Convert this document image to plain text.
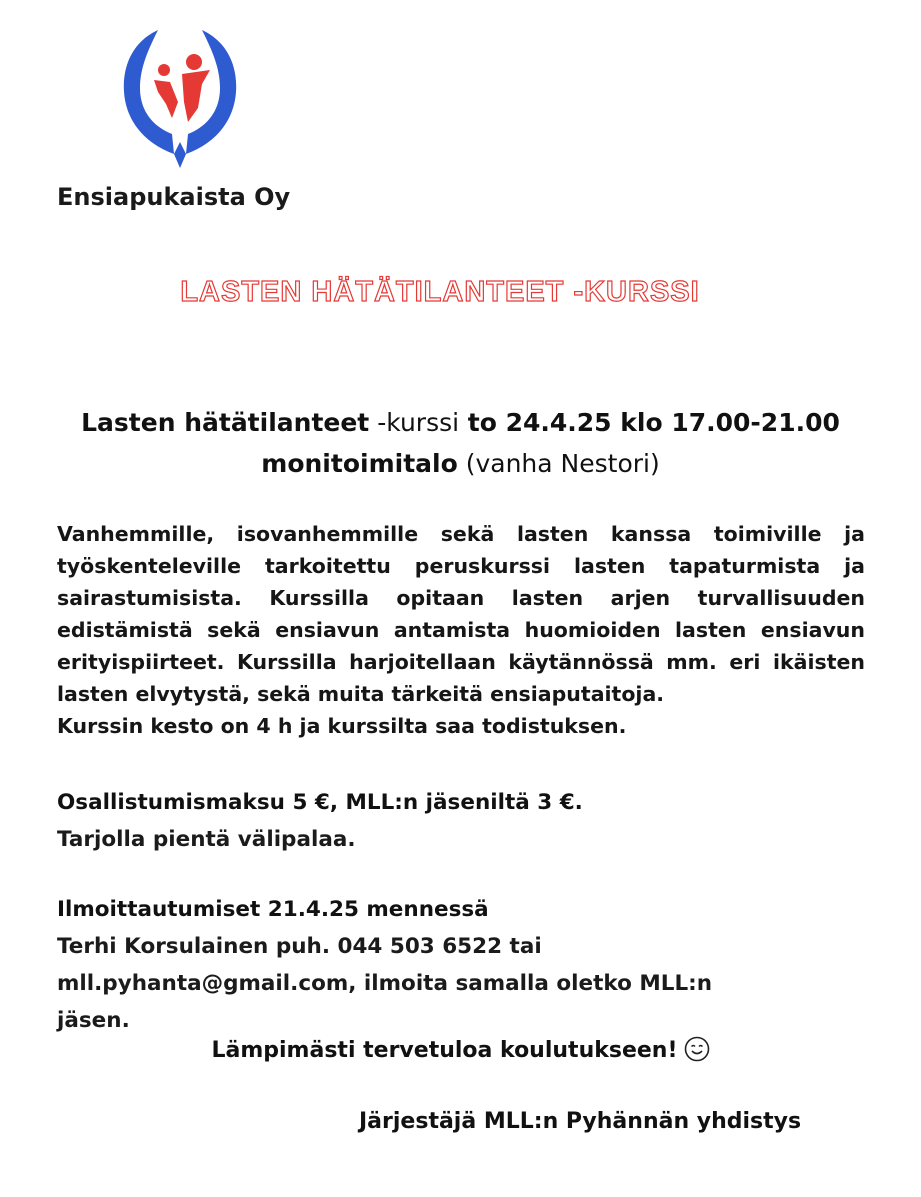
Ensiapukaista Oy
LASTEN HÄTÄTILANTEET -KURSSI
Lasten hätätilanteet -kurssi to 24.4.25 klo 17.00-21.00
monitoimitalo (vanha Nestori)

Vanhemmille, isovanhemmille sekä lasten kanssa toimiville ja työskenteleville tarkoitettu peruskurssi lasten tapaturmista ja sairastumisista. Kurssilla opitaan lasten arjen turvallisuuden edistämistä sekä ensiavun antamista huomioiden lasten ensiavun erityispiirteet. Kurssilla harjoitellaan käytännössä mm. eri ikäisten lasten elvytystä, sekä muita tärkeitä ensiaputaitoja.

Kurssin kesto on 4 h ja kurssilta saa todistuksen.
Osallistumismaksu 5 €, MLL:n jäseniltä 3 €.
Tarjolla pientä välipalaa.
Ilmoittautumiset 21.4.25 mennessä
Terhi Korsulainen puh. 044 503 6522 tai
mll.pyhanta@gmail.com, ilmoita samalla oletko MLL:n
jäsen.
Lämpimästi tervetuloa koulutukseen!
Järjestäjä MLL:n Pyhännän yhdistys
